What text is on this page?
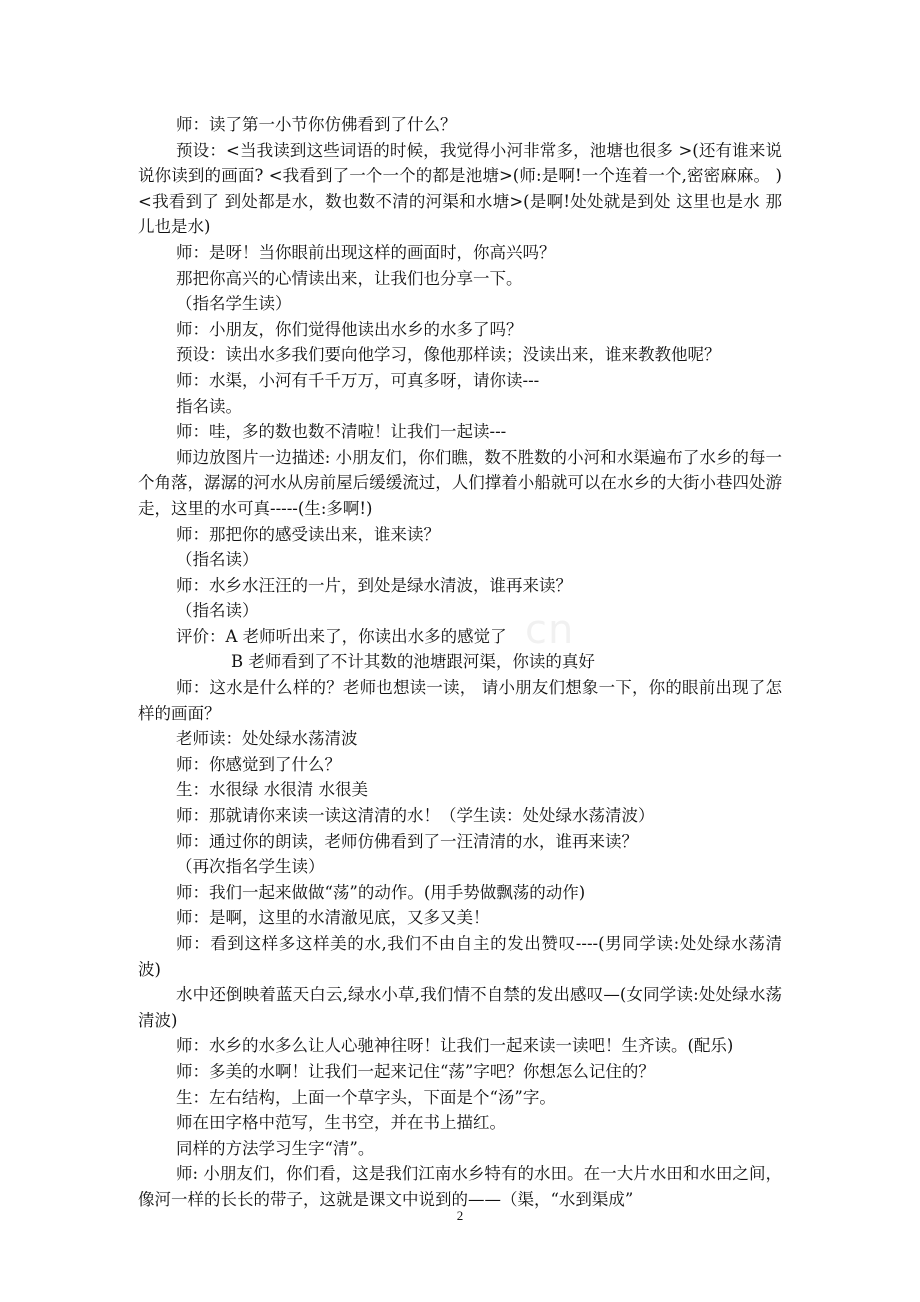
cn

师：读了第一小节你仿佛看到了什么？

预设：<当我读到这些词语的时候，我觉得小河非常多，池塘也很多 >(还有谁来说说你读到的画面? <我看到了一个一个的都是池塘>(师:是啊!一个连着一个,密密麻麻。 ) <我看到了 到处都是水，数也数不清的河渠和水塘>(是啊!处处就是到处 这里也是水 那儿也是水)

师：是呀！当你眼前出现这样的画面时，你高兴吗？

那把你高兴的心情读出来，让我们也分享一下。

（指名学生读）

师：小朋友，你们觉得他读出水乡的水多了吗？

预设：读出水多我们要向他学习，像他那样读；没读出来，谁来教教他呢？

师：水渠，小河有千千万万，可真多呀，请你读---

指名读。

师：哇，多的数也数不清啦！让我们一起读---

师边放图片一边描述: 小朋友们，你们瞧，数不胜数的小河和水渠遍布了水乡的每一个角落，潺潺的河水从房前屋后缓缓流过，人们撑着小船就可以在水乡的大街小巷四处游走，这里的水可真-----(生:多啊!)

师：那把你的感受读出来，谁来读？

（指名读）

师：水乡水汪汪的一片，到处是绿水清波，谁再来读？

（指名读）

评价：A 老师听出来了，你读出水多的感觉了

B 老师看到了不计其数的池塘跟河渠，你读的真好

师：这水是什么样的？老师也想读一读， 请小朋友们想象一下，你的眼前出现了怎样的画面？

老师读：处处绿水荡清波

师：你感觉到了什么？

生：水很绿 水很清 水很美

师：那就请你来读一读这清清的水！（学生读：处处绿水荡清波）

师：通过你的朗读，老师仿佛看到了一汪清清的水，谁再来读？

（再次指名学生读）

师：我们一起来做做“荡”的动作。(用手势做飘荡的动作)

师：是啊，这里的水清澈见底，又多又美！

师：看到这样多这样美的水,我们不由自主的发出赞叹----(男同学读:处处绿水荡清波)

水中还倒映着蓝天白云,绿水小草,我们情不自禁的发出感叹—(女同学读:处处绿水荡清波)

师：水乡的水多么让人心驰神往呀！让我们一起来读一读吧！生齐读。(配乐)

师：多美的水啊！让我们一起来记住“荡”字吧？你想怎么记住的？

生：左右结构，上面一个草字头，下面是个“汤”字。

师在田字格中范写，生书空，并在书上描红。

同样的方法学习生字“清”。

师: 小朋友们，你们看，这是我们江南水乡特有的水田。在一大片水田和水田之间，像河一样的长长的带子，这就是课文中说到的——（渠，“水到渠成”

2
